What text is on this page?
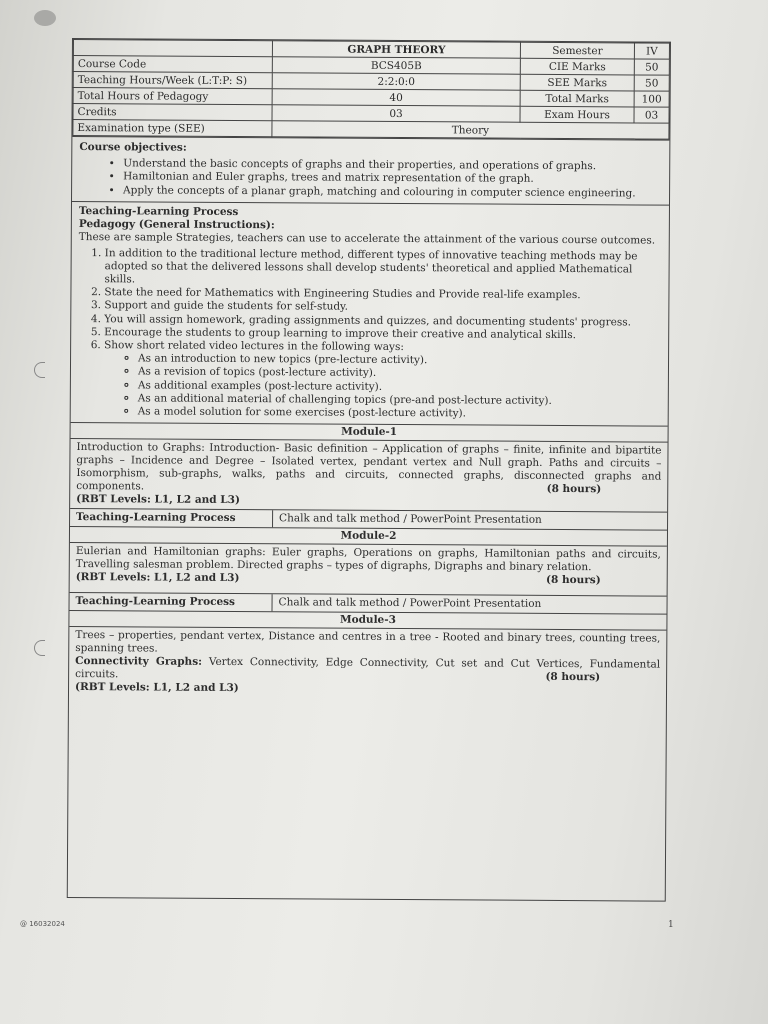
	GRAPH THEORY	Semester	IV
Course Code	BCS405B	CIE Marks	50
Teaching Hours/Week (L:T:P: S)	2:2:0:0	SEE Marks	50
Total Hours of Pedagogy	40	Total Marks	100
Credits	03	Exam Hours	03
Examination type (SEE)	Theory		
Course objectives:
• Understand the basic concepts of graphs and their properties, and operations of graphs.
• Hamiltonian and Euler graphs, trees and matrix representation of the graph.
• Apply the concepts of a planar graph, matching and colouring in computer science engineering.
Teaching-Learning Process
Pedagogy (General Instructions):
These are sample Strategies, teachers can use to accelerate the attainment of the various course outcomes.
1. In addition to the traditional lecture method, different types of innovative teaching methods may be adopted so that the delivered lessons shall develop students' theoretical and applied Mathematical skills.
2. State the need for Mathematics with Engineering Studies and Provide real-life examples.
3. Support and guide the students for self-study.
4. You will assign homework, grading assignments and quizzes, and documenting students' progress.
5. Encourage the students to group learning to improve their creative and analytical skills.
6. Show short related video lectures in the following ways:
◦ As an introduction to new topics (pre-lecture activity).
◦ As a revision of topics (post-lecture activity).
◦ As additional examples (post-lecture activity).
◦ As an additional material of challenging topics (pre-and post-lecture activity).
◦ As a model solution for some exercises (post-lecture activity).
Module-1
Introduction to Graphs: Introduction- Basic definition – Application of graphs – finite, infinite and bipartite graphs – Incidence and Degree – Isolated vertex, pendant vertex and Null graph. Paths and circuits – Isomorphism, sub-graphs, walks, paths and circuits, connected graphs, disconnected graphs and components.	(8 hours)
(RBT Levels: L1, L2 and L3)
Teaching-Learning Process	Chalk and talk method / PowerPoint Presentation
Module-2
Eulerian and Hamiltonian graphs: Euler graphs, Operations on graphs, Hamiltonian paths and circuits, Travelling salesman problem. Directed graphs – types of digraphs, Digraphs and binary relation.
(8 hours)
(RBT Levels: L1, L2 and L3)
Teaching-Learning Process	Chalk and talk method / PowerPoint Presentation
Module-3
Trees – properties, pendant vertex, Distance and centres in a tree - Rooted and binary trees, counting trees, spanning trees.
Connectivity Graphs: Vertex Connectivity, Edge Connectivity, Cut set and Cut Vertices, Fundamental circuits.	(8 hours)
(RBT Levels: L1, L2 and L3)
@ 16032024	1
